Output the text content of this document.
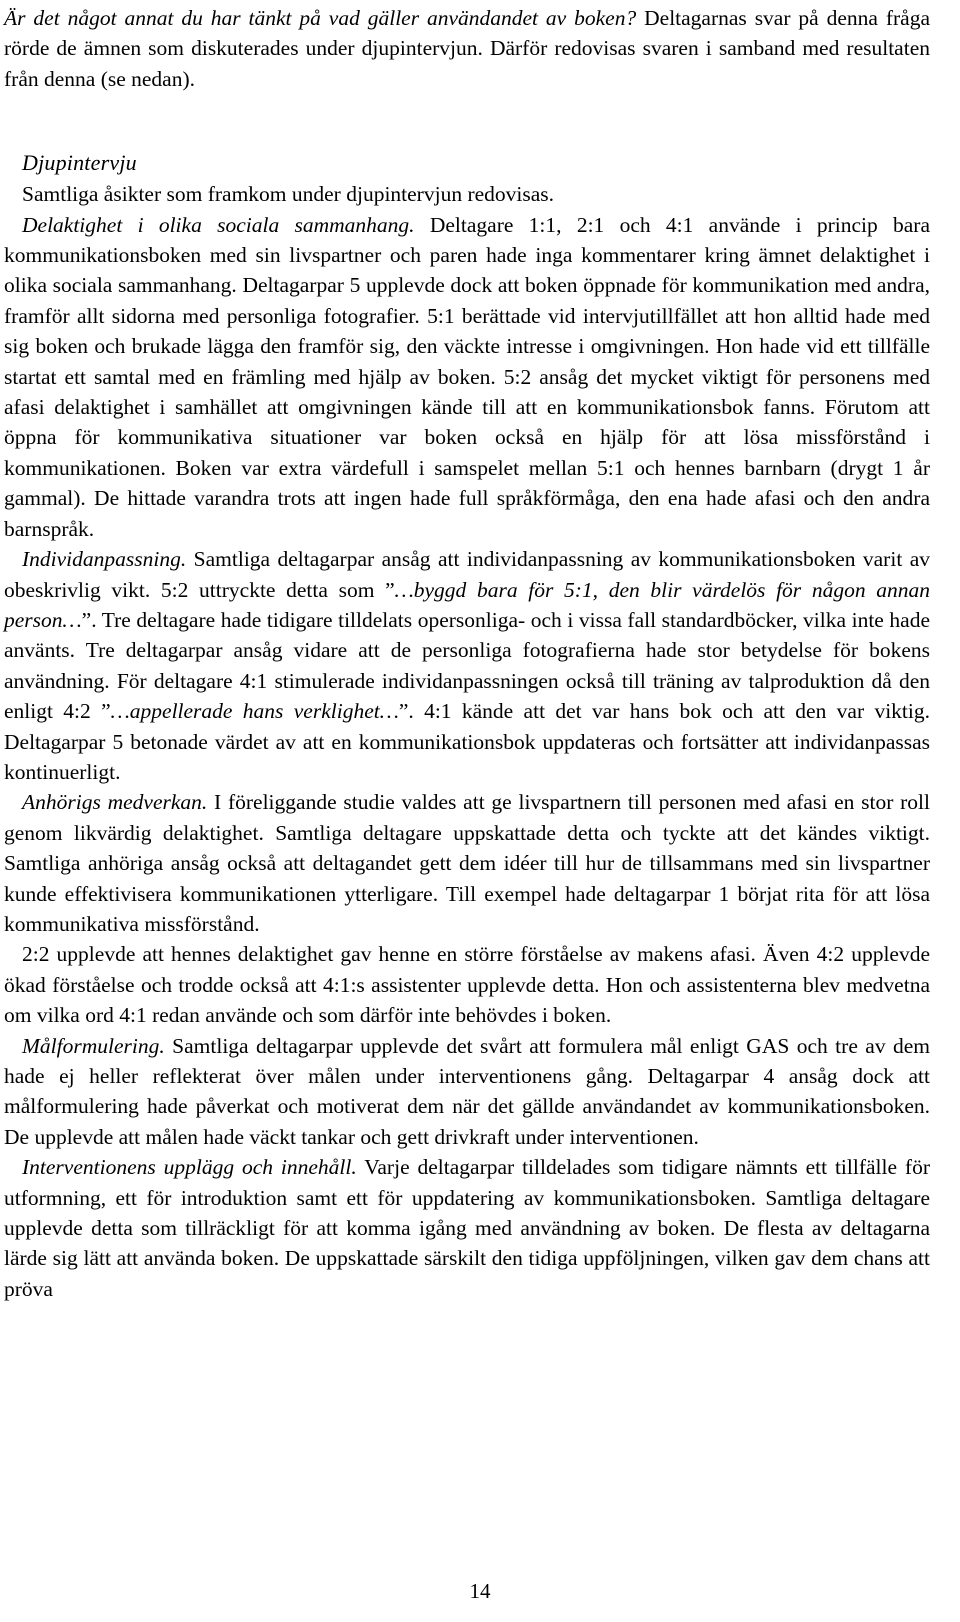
Är det något annat du har tänkt på vad gäller användandet av boken? Deltagarnas svar på denna fråga rörde de ämnen som diskuterades under djupintervjun. Därför redovisas svaren i samband med resultaten från denna (se nedan).

Djupintervju

Samtliga åsikter som framkom under djupintervjun redovisas.

Delaktighet i olika sociala sammanhang. Deltagare 1:1, 2:1 och 4:1 använde i princip bara kommunikationsboken med sin livspartner och paren hade inga kommentarer kring ämnet delaktighet i olika sociala sammanhang. Deltagarpar 5 upplevde dock att boken öppnade för kommunikation med andra, framför allt sidorna med personliga fotografier. 5:1 berättade vid intervjutillfället att hon alltid hade med sig boken och brukade lägga den framför sig, den väckte intresse i omgivningen. Hon hade vid ett tillfälle startat ett samtal med en främling med hjälp av boken. 5:2 ansåg det mycket viktigt för personens med afasi delaktighet i samhället att omgivningen kände till att en kommunikationsbok fanns. Förutom att öppna för kommunikativa situationer var boken också en hjälp för att lösa missförstånd i kommunikationen. Boken var extra värdefull i samspelet mellan 5:1 och hennes barnbarn (drygt 1 år gammal). De hittade varandra trots att ingen hade full språkförmåga, den ena hade afasi och den andra barnspråk.

Individanpassning. Samtliga deltagarpar ansåg att individanpassning av kommunikationsboken varit av obeskrivlig vikt. 5:2 uttryckte detta som ”…byggd bara för 5:1, den blir värdelös för någon annan person…”. Tre deltagare hade tidigare tilldelats opersonliga- och i vissa fall standardböcker, vilka inte hade använts. Tre deltagarpar ansåg vidare att de personliga fotografierna hade stor betydelse för bokens användning. För deltagare 4:1 stimulerade individanpassningen också till träning av talproduktion då den enligt 4:2 ”…appellerade hans verklighet…”. 4:1 kände att det var hans bok och att den var viktig. Deltagarpar 5 betonade värdet av att en kommunikationsbok uppdateras och fortsätter att individanpassas kontinuerligt.

Anhörigs medverkan. I föreliggande studie valdes att ge livspartnern till personen med afasi en stor roll genom likvärdig delaktighet. Samtliga deltagare uppskattade detta och tyckte att det kändes viktigt. Samtliga anhöriga ansåg också att deltagandet gett dem idéer till hur de tillsammans med sin livspartner kunde effektivisera kommunikationen ytterligare. Till exempel hade deltagarpar 1 börjat rita för att lösa kommunikativa missförstånd.

2:2 upplevde att hennes delaktighet gav henne en större förståelse av makens afasi. Även 4:2 upplevde ökad förståelse och trodde också att 4:1:s assistenter upplevde detta. Hon och assistenterna blev medvetna om vilka ord 4:1 redan använde och som därför inte behövdes i boken.

Målformulering. Samtliga deltagarpar upplevde det svårt att formulera mål enligt GAS och tre av dem hade ej heller reflekterat över målen under interventionens gång. Deltagarpar 4 ansåg dock att målformulering hade påverkat och motiverat dem när det gällde användandet av kommunikationsboken. De upplevde att målen hade väckt tankar och gett drivkraft under interventionen.

Interventionens upplägg och innehåll. Varje deltagarpar tilldelades som tidigare nämnts ett tillfälle för utformning, ett för introduktion samt ett för uppdatering av kommunikationsboken. Samtliga deltagare upplevde detta som tillräckligt för att komma igång med användning av boken. De flesta av deltagarna lärde sig lätt att använda boken. De uppskattade särskilt den tidiga uppföljningen, vilken gav dem chans att pröva

14
